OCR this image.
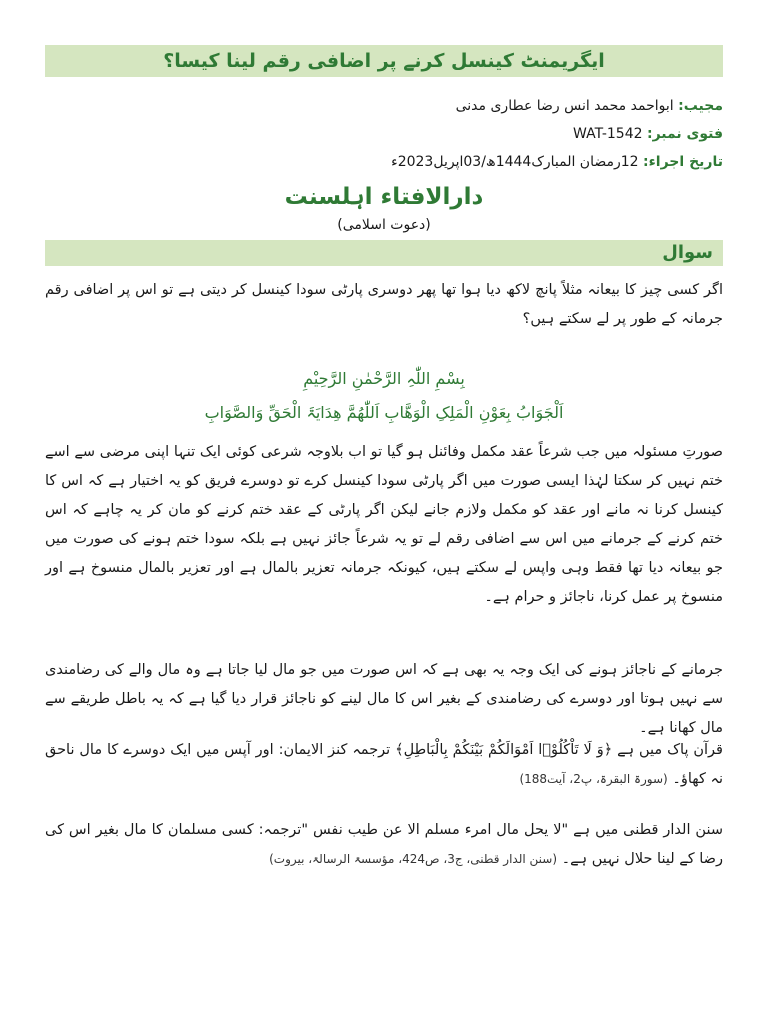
ایگریمنٹ کینسل کرنے پر اضافی رقم لینا کیسا؟
مجیب: ابواحمد محمد انس رضا عطاری مدنی
فتوی نمبر: WAT-1542
تاریخ اجراء: 12رمضان المبارک1444ھ/03اپریل2023ء
دارالافتاء اہلسنت
(دعوت اسلامی)
سوال
اگر کسی چیز کا بیعانہ مثلاً پانچ لاکھ دیا ہوا تھا پھر دوسری پارٹی سودا کینسل کر دیتی ہے تو اس پر اضافی رقم جرمانہ کے طور پر لے سکتے ہیں؟
بِسْمِ اللّٰہِ الرَّحْمٰنِ الرَّحِیْمِ
اَلْجَوَابُ بِعَوْنِ الْمَلِکِ الْوَھَّابِ اَللّٰھُمَّ ھِدَایَۃَ الْحَقِّ وَالصَّوَابِ
صورتِ مسئولہ میں جب شرعاً عقد مکمل وفائنل ہو گیا تو اب بلاوجہ شرعی کوئی ایک تنہا اپنی مرضی سے اسے ختم نہیں کر سکتا لہٰذا ایسی صورت میں اگر پارٹی سودا کینسل کرے تو دوسرے فریق کو یہ اختیار ہے کہ اس کا کینسل کرنا نہ مانے اور عقد کو مکمل ولازم جانے لیکن اگر پارٹی کے عقد ختم کرنے کو مان کر یہ چاہے کہ اس ختم کرنے کے جرمانے میں اس سے اضافی رقم لے تو یہ شرعاً جائز نہیں ہے بلکہ سودا ختم ہونے کی صورت میں جو بیعانہ دیا تھا فقط وہی واپس لے سکتے ہیں، کیونکہ جرمانہ تعزیر بالمال ہے اور تعزیر بالمال منسوخ ہے اور منسوخ پر عمل کرنا، ناجائز و حرام ہے۔
جرمانے کے ناجائز ہونے کی ایک وجہ یہ بھی ہے کہ اس صورت میں جو مال لیا جاتا ہے وہ مال والے کی رضامندی سے نہیں ہوتا اور دوسرے کی رضامندی کے بغیر اس کا مال لینے کو ناجائز قرار دیا گیا ہے کہ یہ باطل طریقے سے مال کھانا ہے۔
قرآن پاک میں ہے ﴿وَ لَا تَاْكُلُوْۤا اَمْوَالَكُمْ بَیْنَكُمْ بِالْبَاطِلِ﴾ ترجمہ کنز الایمان: اور آپس میں ایک دوسرے کا مال ناحق نہ کھاؤ۔ (سورۃ البقرۃ، پ2، آیت188)
سنن الدار قطنی میں ہے "لا یحل مال امرء مسلم الا عن طیب نفس "ترجمہ: کسی مسلمان کا مال بغیر اس کی رضا کے لینا حلال نہیں ہے۔ (سنن الدار قطنی، ج3، ص424، مؤسسۃ الرسالۃ، بیروت)
